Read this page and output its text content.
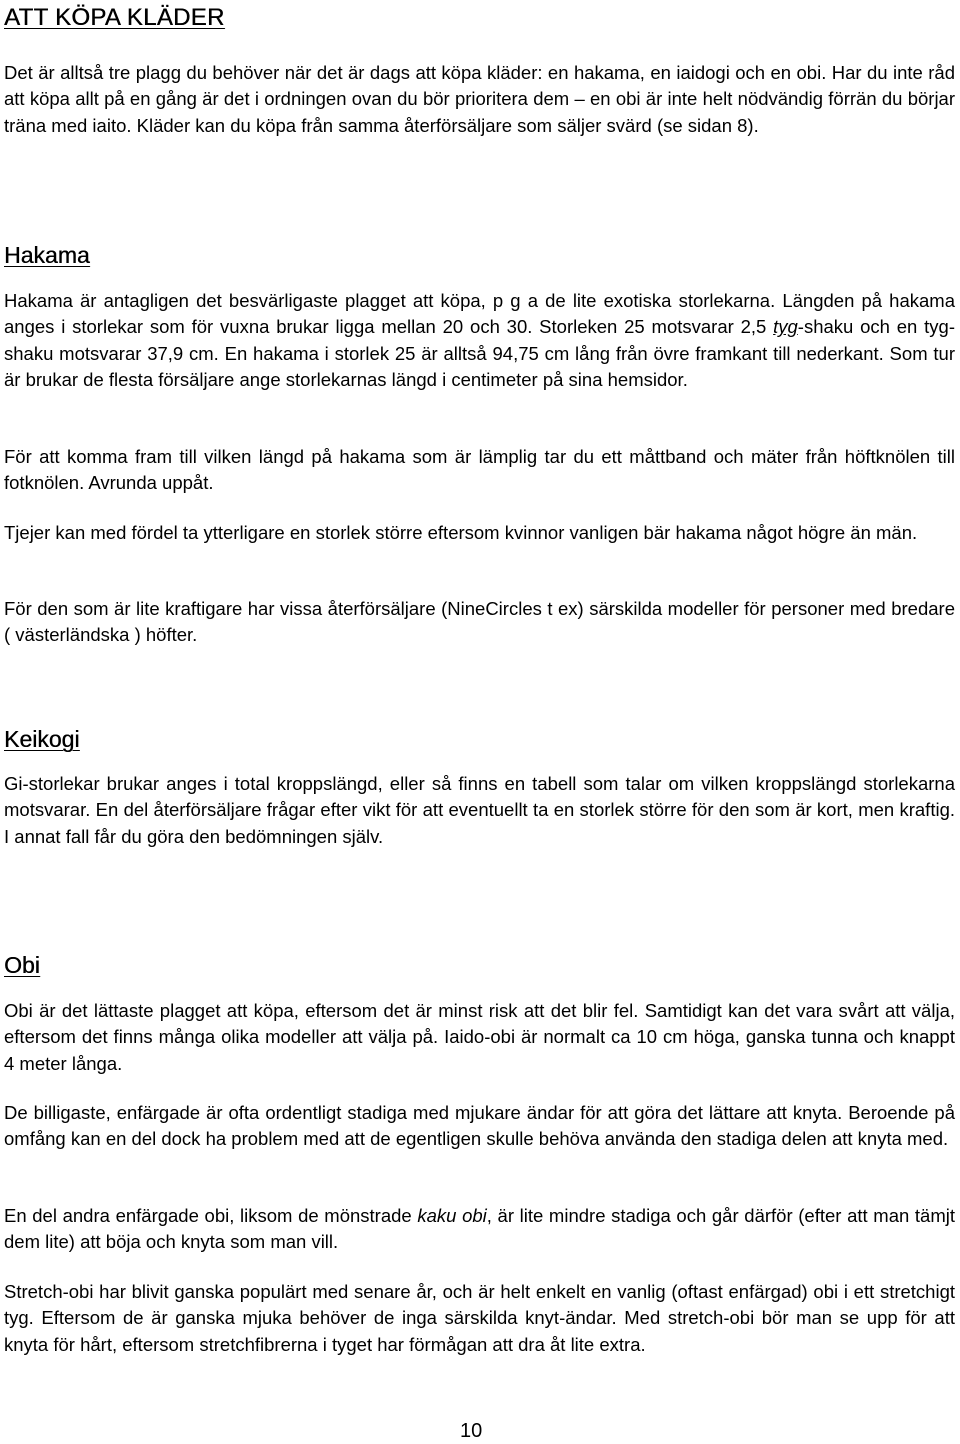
ATT KÖPA KLÄDER

Det är alltså tre plagg du behöver när det är dags att köpa kläder: en hakama, en iaidogi och en obi. Har du inte råd att köpa allt på en gång är det i ordningen ovan du bör prioritera dem – en obi är inte helt nödvändig förrän du börjar träna med iaito. Kläder kan du köpa från samma återförsäljare som säljer svärd (se sidan 8).

Hakama

Hakama är antagligen det besvärligaste plagget att köpa, p g a de lite exotiska storlekarna. Längden på hakama anges i storlekar som för vuxna brukar ligga mellan 20 och 30. Storleken 25 motsvarar 2,5 tyg-shaku och en tyg-shaku motsvarar 37,9 cm. En hakama i storlek 25 är alltså 94,75 cm lång från övre framkant till nederkant. Som tur är brukar de flesta försäljare ange storlekarnas längd i centimeter på sina hemsidor.

För att komma fram till vilken längd på hakama som är lämplig tar du ett måttband och mäter från höftknölen till fotknölen. Avrunda uppåt.

Tjejer kan med fördel ta ytterligare en storlek större eftersom kvinnor vanligen bär hakama något högre än män.

För den som är lite kraftigare har vissa återförsäljare (NineCircles t ex) särskilda modeller för personer med bredare ( västerländska ) höfter.

Keikogi

Gi-storlekar brukar anges i total kroppslängd, eller så finns en tabell som talar om vilken kroppslängd storlekarna motsvarar. En del återförsäljare frågar efter vikt för att eventuellt ta en storlek större för den som är kort, men kraftig. I annat fall får du göra den bedömningen själv.

Obi

Obi är det lättaste plagget att köpa, eftersom det är minst risk att det blir fel. Samtidigt kan det vara svårt att välja, eftersom det finns många olika modeller att välja på. Iaido-obi är normalt ca 10 cm höga, ganska tunna och knappt 4 meter långa.

De billigaste, enfärgade är ofta ordentligt stadiga med mjukare ändar för att göra det lättare att knyta. Beroende på omfång kan en del dock ha problem med att de egentligen skulle behöva använda den stadiga delen att knyta med.

En del andra enfärgade obi, liksom de mönstrade kaku obi, är lite mindre stadiga och går därför (efter att man tämjt dem lite) att böja och knyta som man vill.

Stretch-obi har blivit ganska populärt med senare år, och är helt enkelt en vanlig (oftast enfärgad) obi i ett stretchigt tyg. Eftersom de är ganska mjuka behöver de inga särskilda knyt-ändar. Med stretch-obi bör man se upp för att knyta för hårt, eftersom stretchfibrerna i tyget har förmågan att dra åt lite extra.

10
